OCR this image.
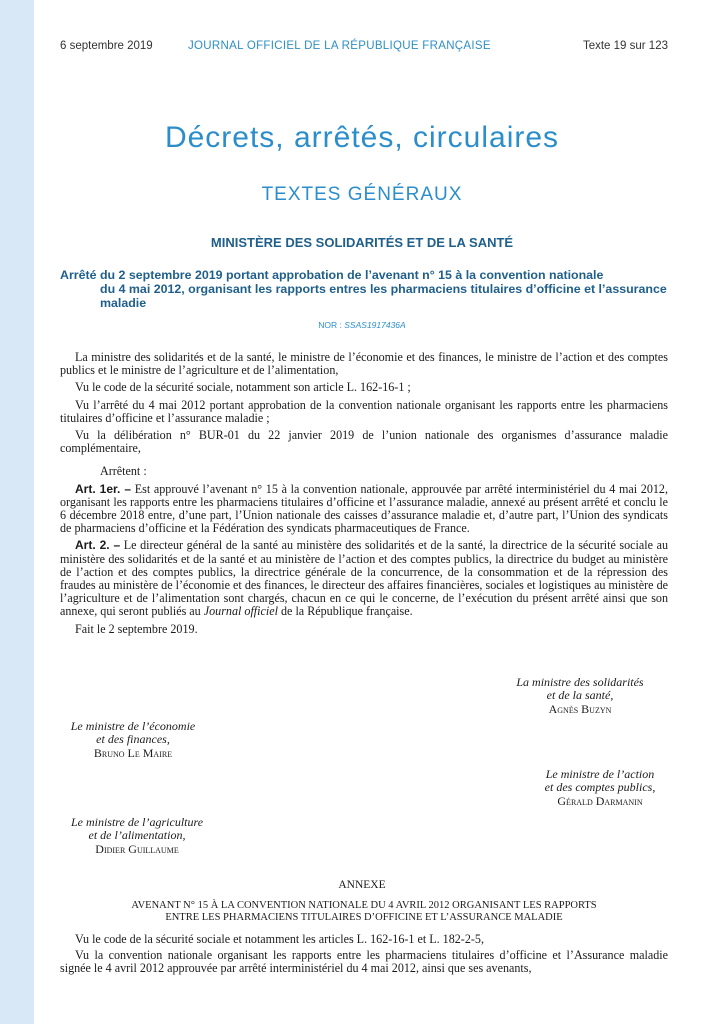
6 septembre 2019	JOURNAL OFFICIEL DE LA RÉPUBLIQUE FRANÇAISE	Texte 19 sur 123
Décrets, arrêtés, circulaires
TEXTES GÉNÉRAUX
MINISTÈRE DES SOLIDARITÉS ET DE LA SANTÉ
Arrêté du 2 septembre 2019 portant approbation de l’avenant n° 15 à la convention nationale
du 4 mai 2012, organisant les rapports entres les pharmaciens titulaires d’officine et l’assurance
maladie
NOR : SSAS1917436A

La ministre des solidarités et de la santé, le ministre de l’économie et des finances, le ministre de l’action et des comptes publics et le ministre de l’agriculture et de l’alimentation,

Vu le code de la sécurité sociale, notamment son article L. 162-16-1 ;

Vu l’arrêté du 4 mai 2012 portant approbation de la convention nationale organisant les rapports entre les pharmaciens titulaires d’officine et l’assurance maladie ;

Vu la délibération n° BUR-01 du 22 janvier 2019 de l’union nationale des organismes d’assurance maladie complémentaire,

Arrêtent :

Art. 1er. – Est approuvé l’avenant n° 15 à la convention nationale, approuvée par arrêté interministériel du 4 mai 2012, organisant les rapports entre les pharmaciens titulaires d’officine et l’assurance maladie, annexé au présent arrêté et conclu le 6 décembre 2018 entre, d’une part, l’Union nationale des caisses d’assurance maladie et, d’autre part, l’Union des syndicats de pharmaciens d’officine et la Fédération des syndicats pharmaceutiques de France.

Art. 2. – Le directeur général de la santé au ministère des solidarités et de la santé, la directrice de la sécurité sociale au ministère des solidarités et de la santé et au ministère de l’action et des comptes publics, la directrice du budget au ministère de l’action et des comptes publics, la directrice générale de la concurrence, de la consommation et de la répression des fraudes au ministère de l’économie et des finances, le directeur des affaires financières, sociales et logistiques au ministère de l’agriculture et de l’alimentation sont chargés, chacun en ce qui le concerne, de l’exécution du présent arrêté ainsi que son annexe, qui seront publiés au Journal officiel de la République française.

Fait le 2 septembre 2019.

La ministre des solidarités
et de la santé,
Agnès Buzyn
Le ministre de l’économie
et des finances,
Bruno Le Maire
Le ministre de l’action
et des comptes publics,
Gérald Darmanin
Le ministre de l’agriculture
et de l’alimentation,
Didier Guillaume
ANNEXE
AVENANT N° 15 À LA CONVENTION NATIONALE DU 4 AVRIL 2012 ORGANISANT LES RAPPORTS
ENTRE LES PHARMACIENS TITULAIRES D’OFFICINE ET L’ASSURANCE MALADIE

Vu le code de la sécurité sociale et notamment les articles L. 162-16-1 et L. 182-2-5,

Vu la convention nationale organisant les rapports entre les pharmaciens titulaires d’officine et l’Assurance maladie signée le 4 avril 2012 approuvée par arrêté interministériel du 4 mai 2012, ainsi que ses avenants,
